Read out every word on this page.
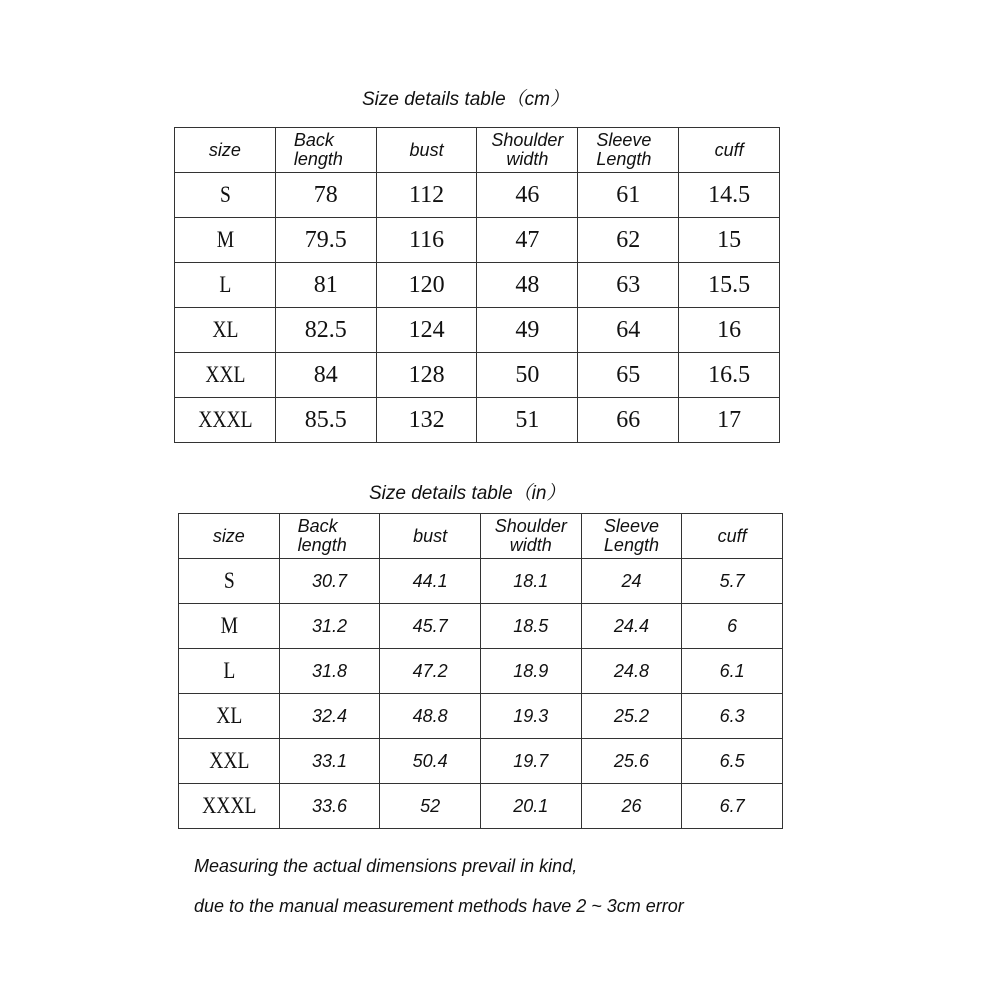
Size details table（cm）
size	Back length	bust	Shoulder width	Sleeve Length	cuff
S	78	112	46	61	14.5
M	79.5	116	47	62	15
L	81	120	48	63	15.5
XL	82.5	124	49	64	16
XXL	84	128	50	65	16.5
XXXL	85.5	132	51	66	17
Size details table（in）
size	Back length	bust	Shoulder width	Sleeve Length	cuff
S	30.7	44.1	18.1	24	5.7
M	31.2	45.7	18.5	24.4	6
L	31.8	47.2	18.9	24.8	6.1
XL	32.4	48.8	19.3	25.2	6.3
XXL	33.1	50.4	19.7	25.6	6.5
XXXL	33.6	52	20.1	26	6.7
Measuring the actual dimensions prevail in kind,
due to the manual measurement methods have 2 ~ 3cm error
